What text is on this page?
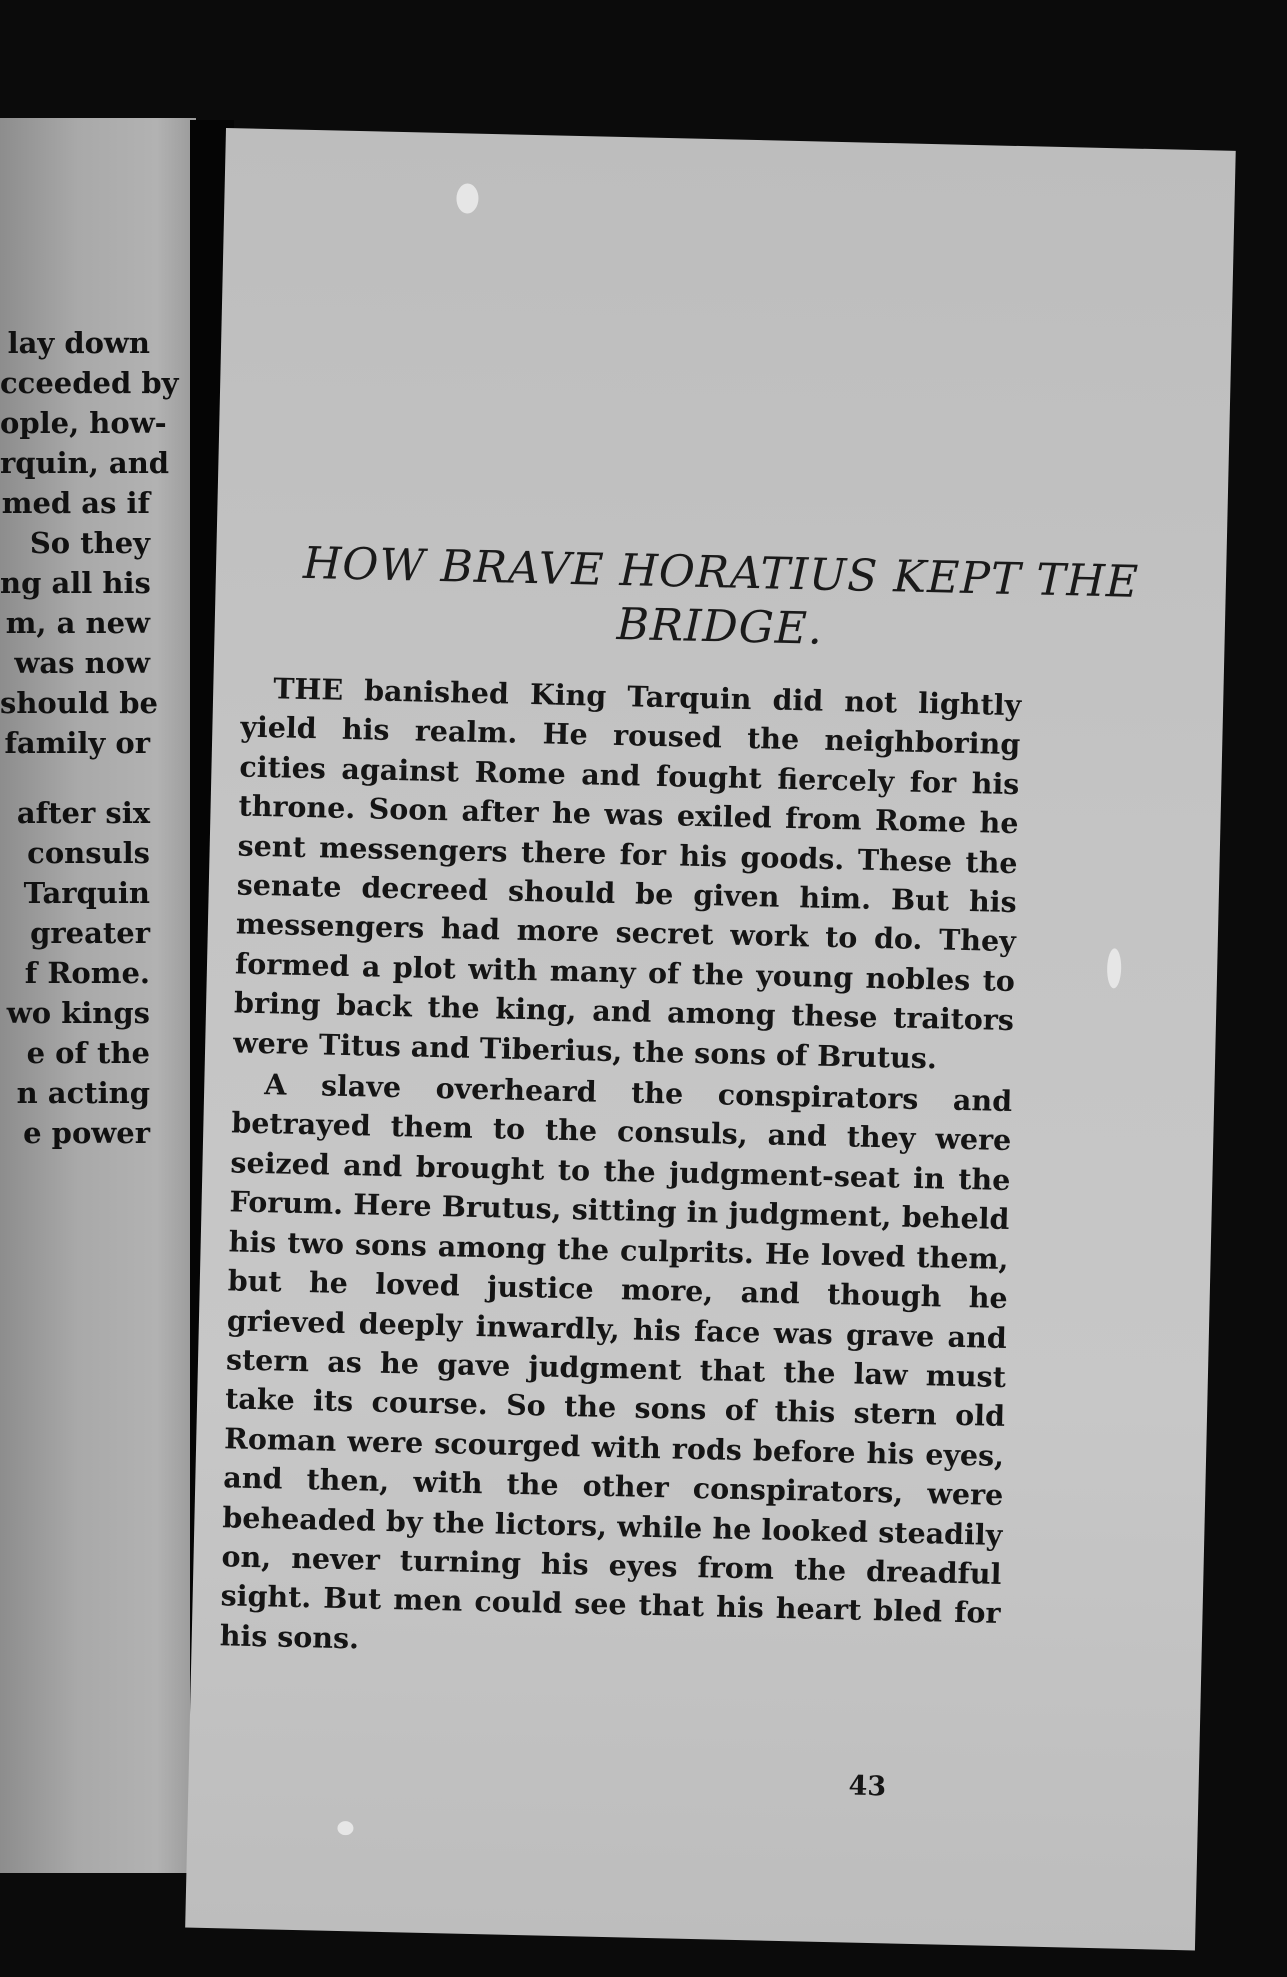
lay down
cceeded by
ople, how-
rquin, and
med as if
So they
ng all his
m, a new
was now
should be
family or
after six
consuls
Tarquin
greater
f Rome.
wo kings
e of the
n acting
e power
HOW BRAVE HORATIUS KEPT THE BRIDGE.

THE banished King Tarquin did not lightly yield his realm. He roused the neighboring cities against Rome and fought fiercely for his throne. Soon after he was exiled from Rome he sent messengers there for his goods. These the senate decreed should be given him. But his messengers had more secret work to do. They formed a plot with many of the young nobles to bring back the king, and among these traitors were Titus and Tiberius, the sons of Brutus.

A slave overheard the conspirators and betrayed them to the consuls, and they were seized and brought to the judgment-seat in the Forum. Here Brutus, sitting in judgment, beheld his two sons among the culprits. He loved them, but he loved justice more, and though he grieved deeply inwardly, his face was grave and stern as he gave judgment that the law must take its course. So the sons of this stern old Roman were scourged with rods before his eyes, and then, with the other conspirators, were beheaded by the lictors, while he looked steadily on, never turning his eyes from the dreadful sight. But men could see that his heart bled for his sons.

43
